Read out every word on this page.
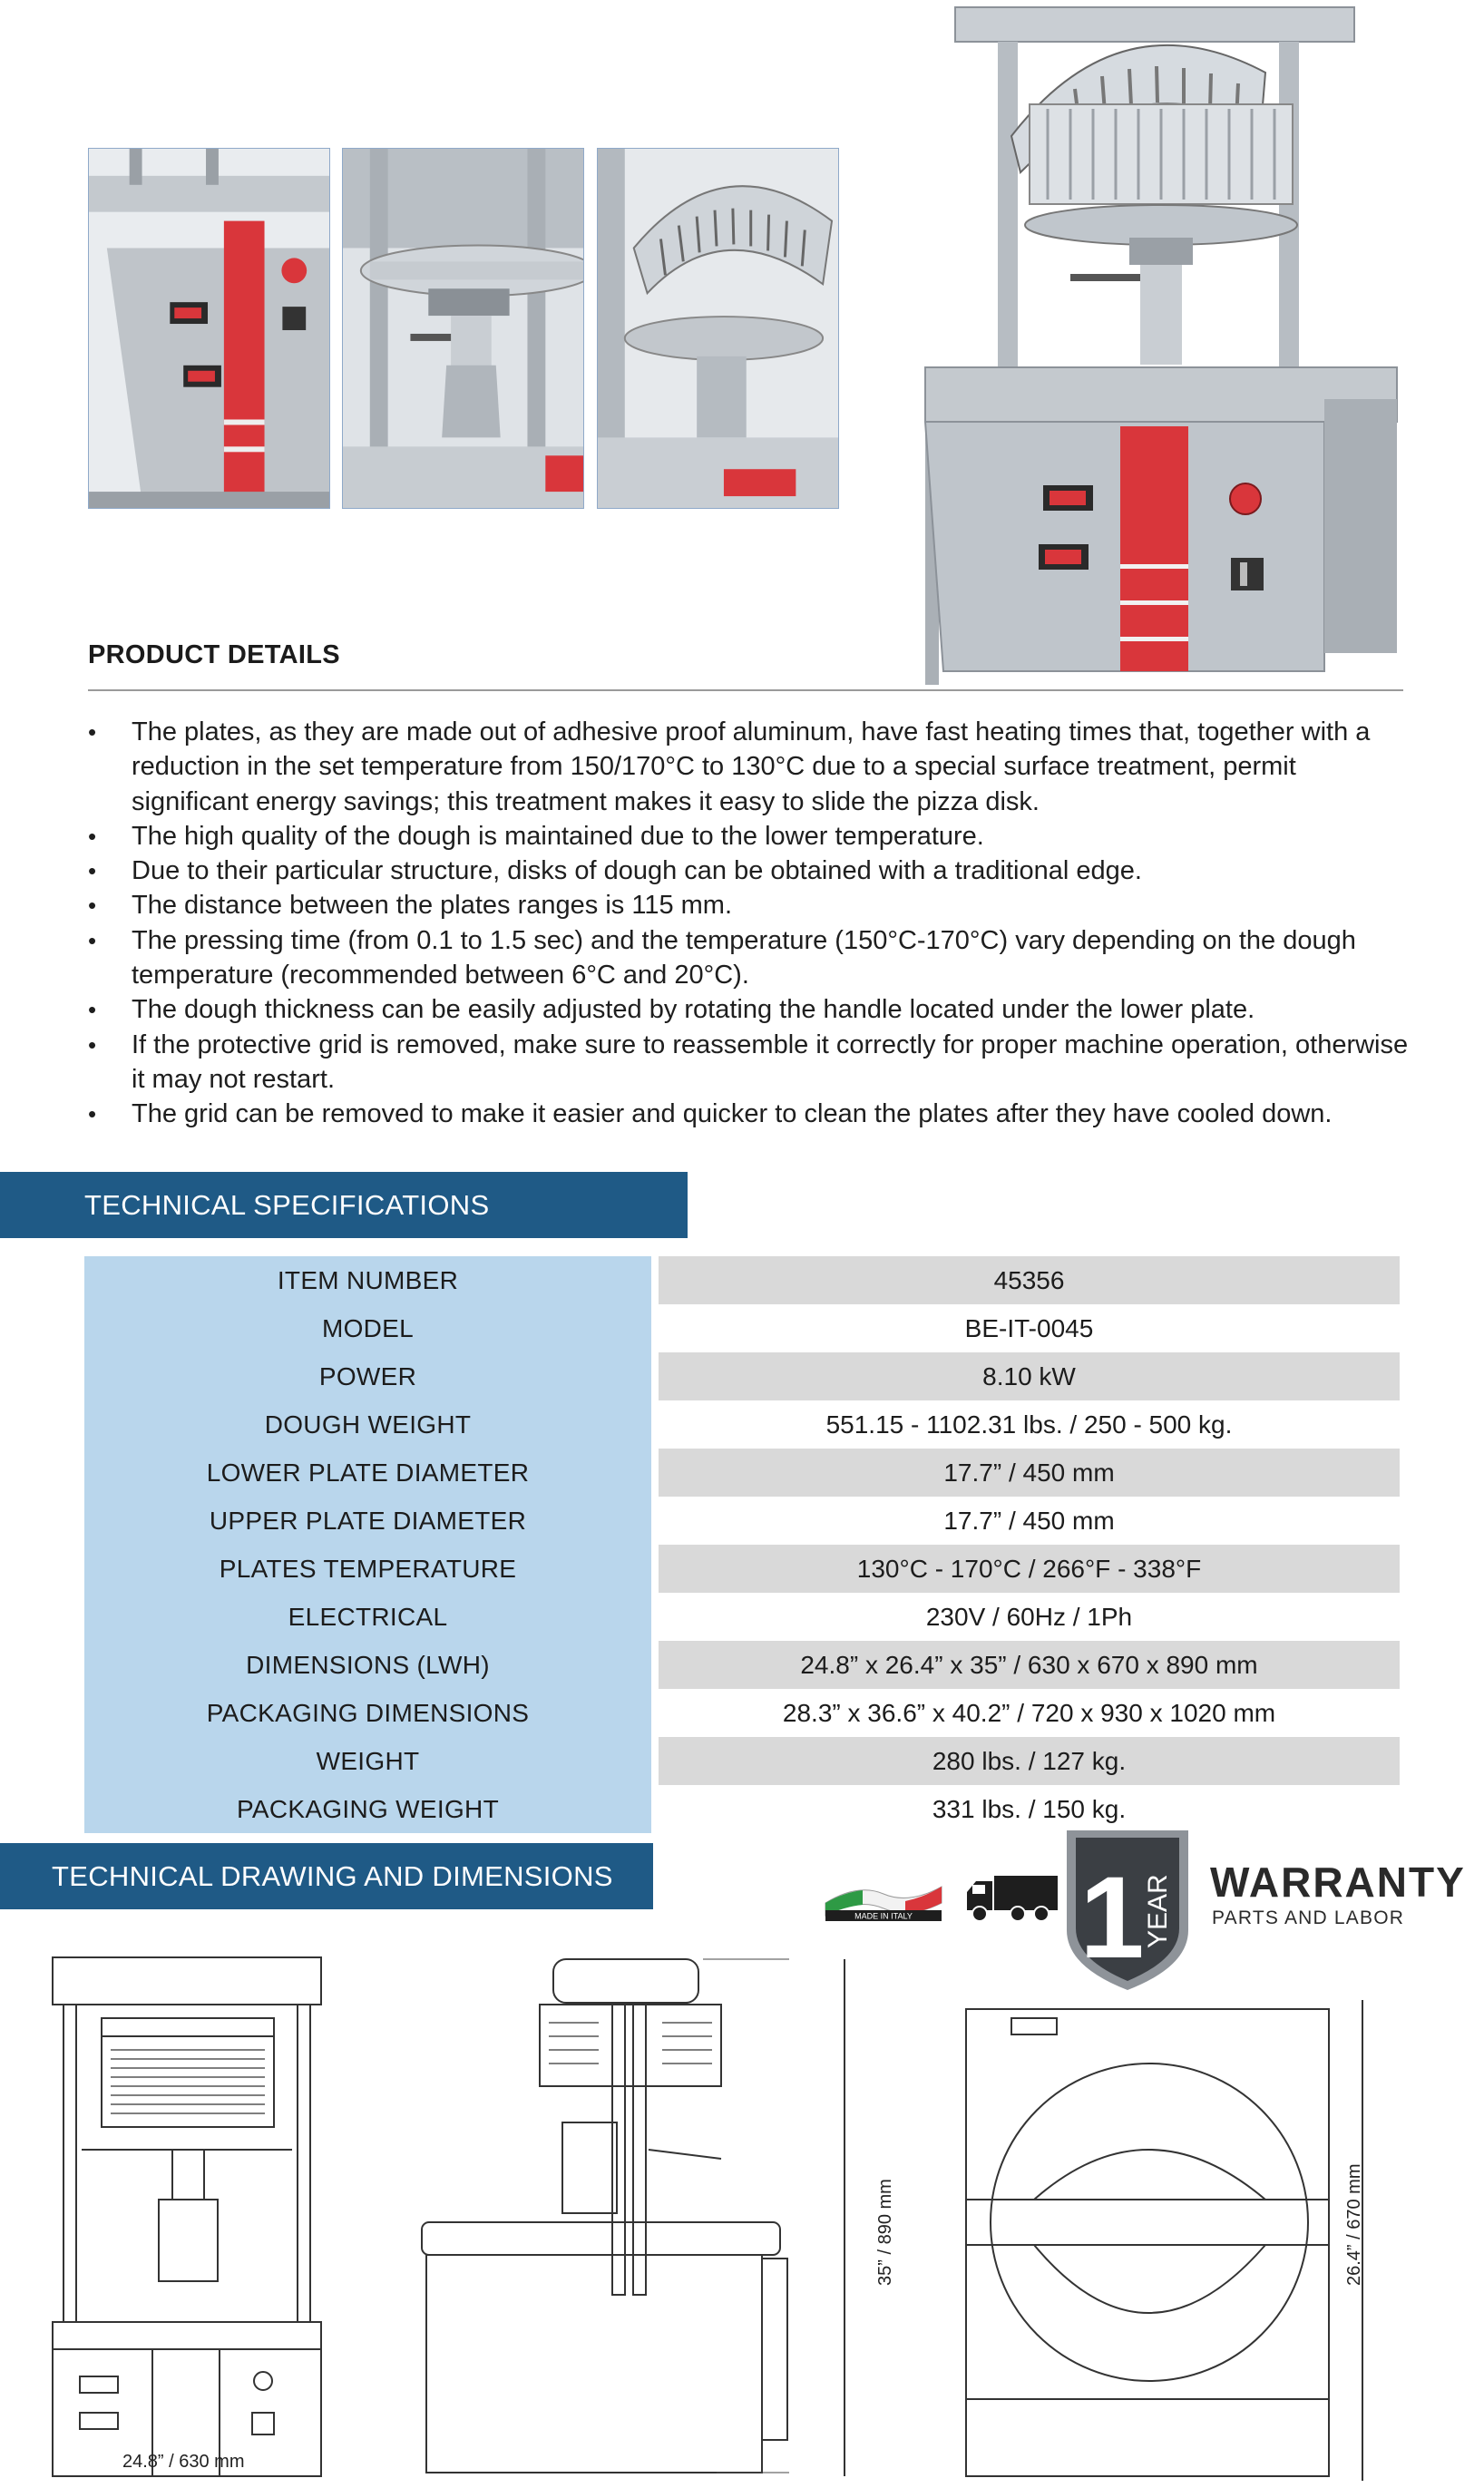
PRODUCT DETAILS
• The plates, as they are made out of adhesive proof aluminum, have fast heating times that, together with a reduction in the set temperature from 150/170°C to 130°C due to a special surface treatment, permit significant energy savings; this treatment makes it easy to slide the pizza disk.
• The high quality of the dough is maintained due to the lower temperature.
• Due to their particular structure, disks of dough can be obtained with a traditional edge.
• The distance between the plates ranges is 115 mm.
• The pressing time (from 0.1 to 1.5 sec) and the temperature (150°C-170°C) vary depending on the dough temperature (recommended between 6°C and 20°C).
• The dough thickness can be easily adjusted by rotating the handle located under the lower plate.
• If the protective grid is removed, make sure to reassemble it correctly for proper machine operation, otherwise it may not restart.
• The grid can be removed to make it easier and quicker to clean the plates after they have cooled down.
TECHNICAL SPECIFICATIONS
ITEM NUMBER	45356
MODEL	BE-IT-0045
POWER	8.10 kW
DOUGH WEIGHT	551.15 - 1102.31 lbs. / 250 - 500 kg.
LOWER PLATE DIAMETER	17.7” / 450 mm
UPPER PLATE DIAMETER	17.7” / 450 mm
PLATES TEMPERATURE	130°C - 170°C / 266°F - 338°F
ELECTRICAL	230V / 60Hz / 1Ph
DIMENSIONS (LWH)	24.8” x 26.4” x 35” / 630 x 670 x 890 mm
PACKAGING DIMENSIONS	28.3” x 36.6” x 40.2” / 720 x 930 x 1020 mm
WEIGHT	280 lbs. / 127 kg.
PACKAGING WEIGHT	331 lbs. / 150 kg.
TECHNICAL DRAWING AND DIMENSIONS
MADE IN ITALY 1
YEAR WARRANTY
PARTS AND LABOR
24.8” / 630 mm
35” / 890 mm	26.4” / 670 mm
